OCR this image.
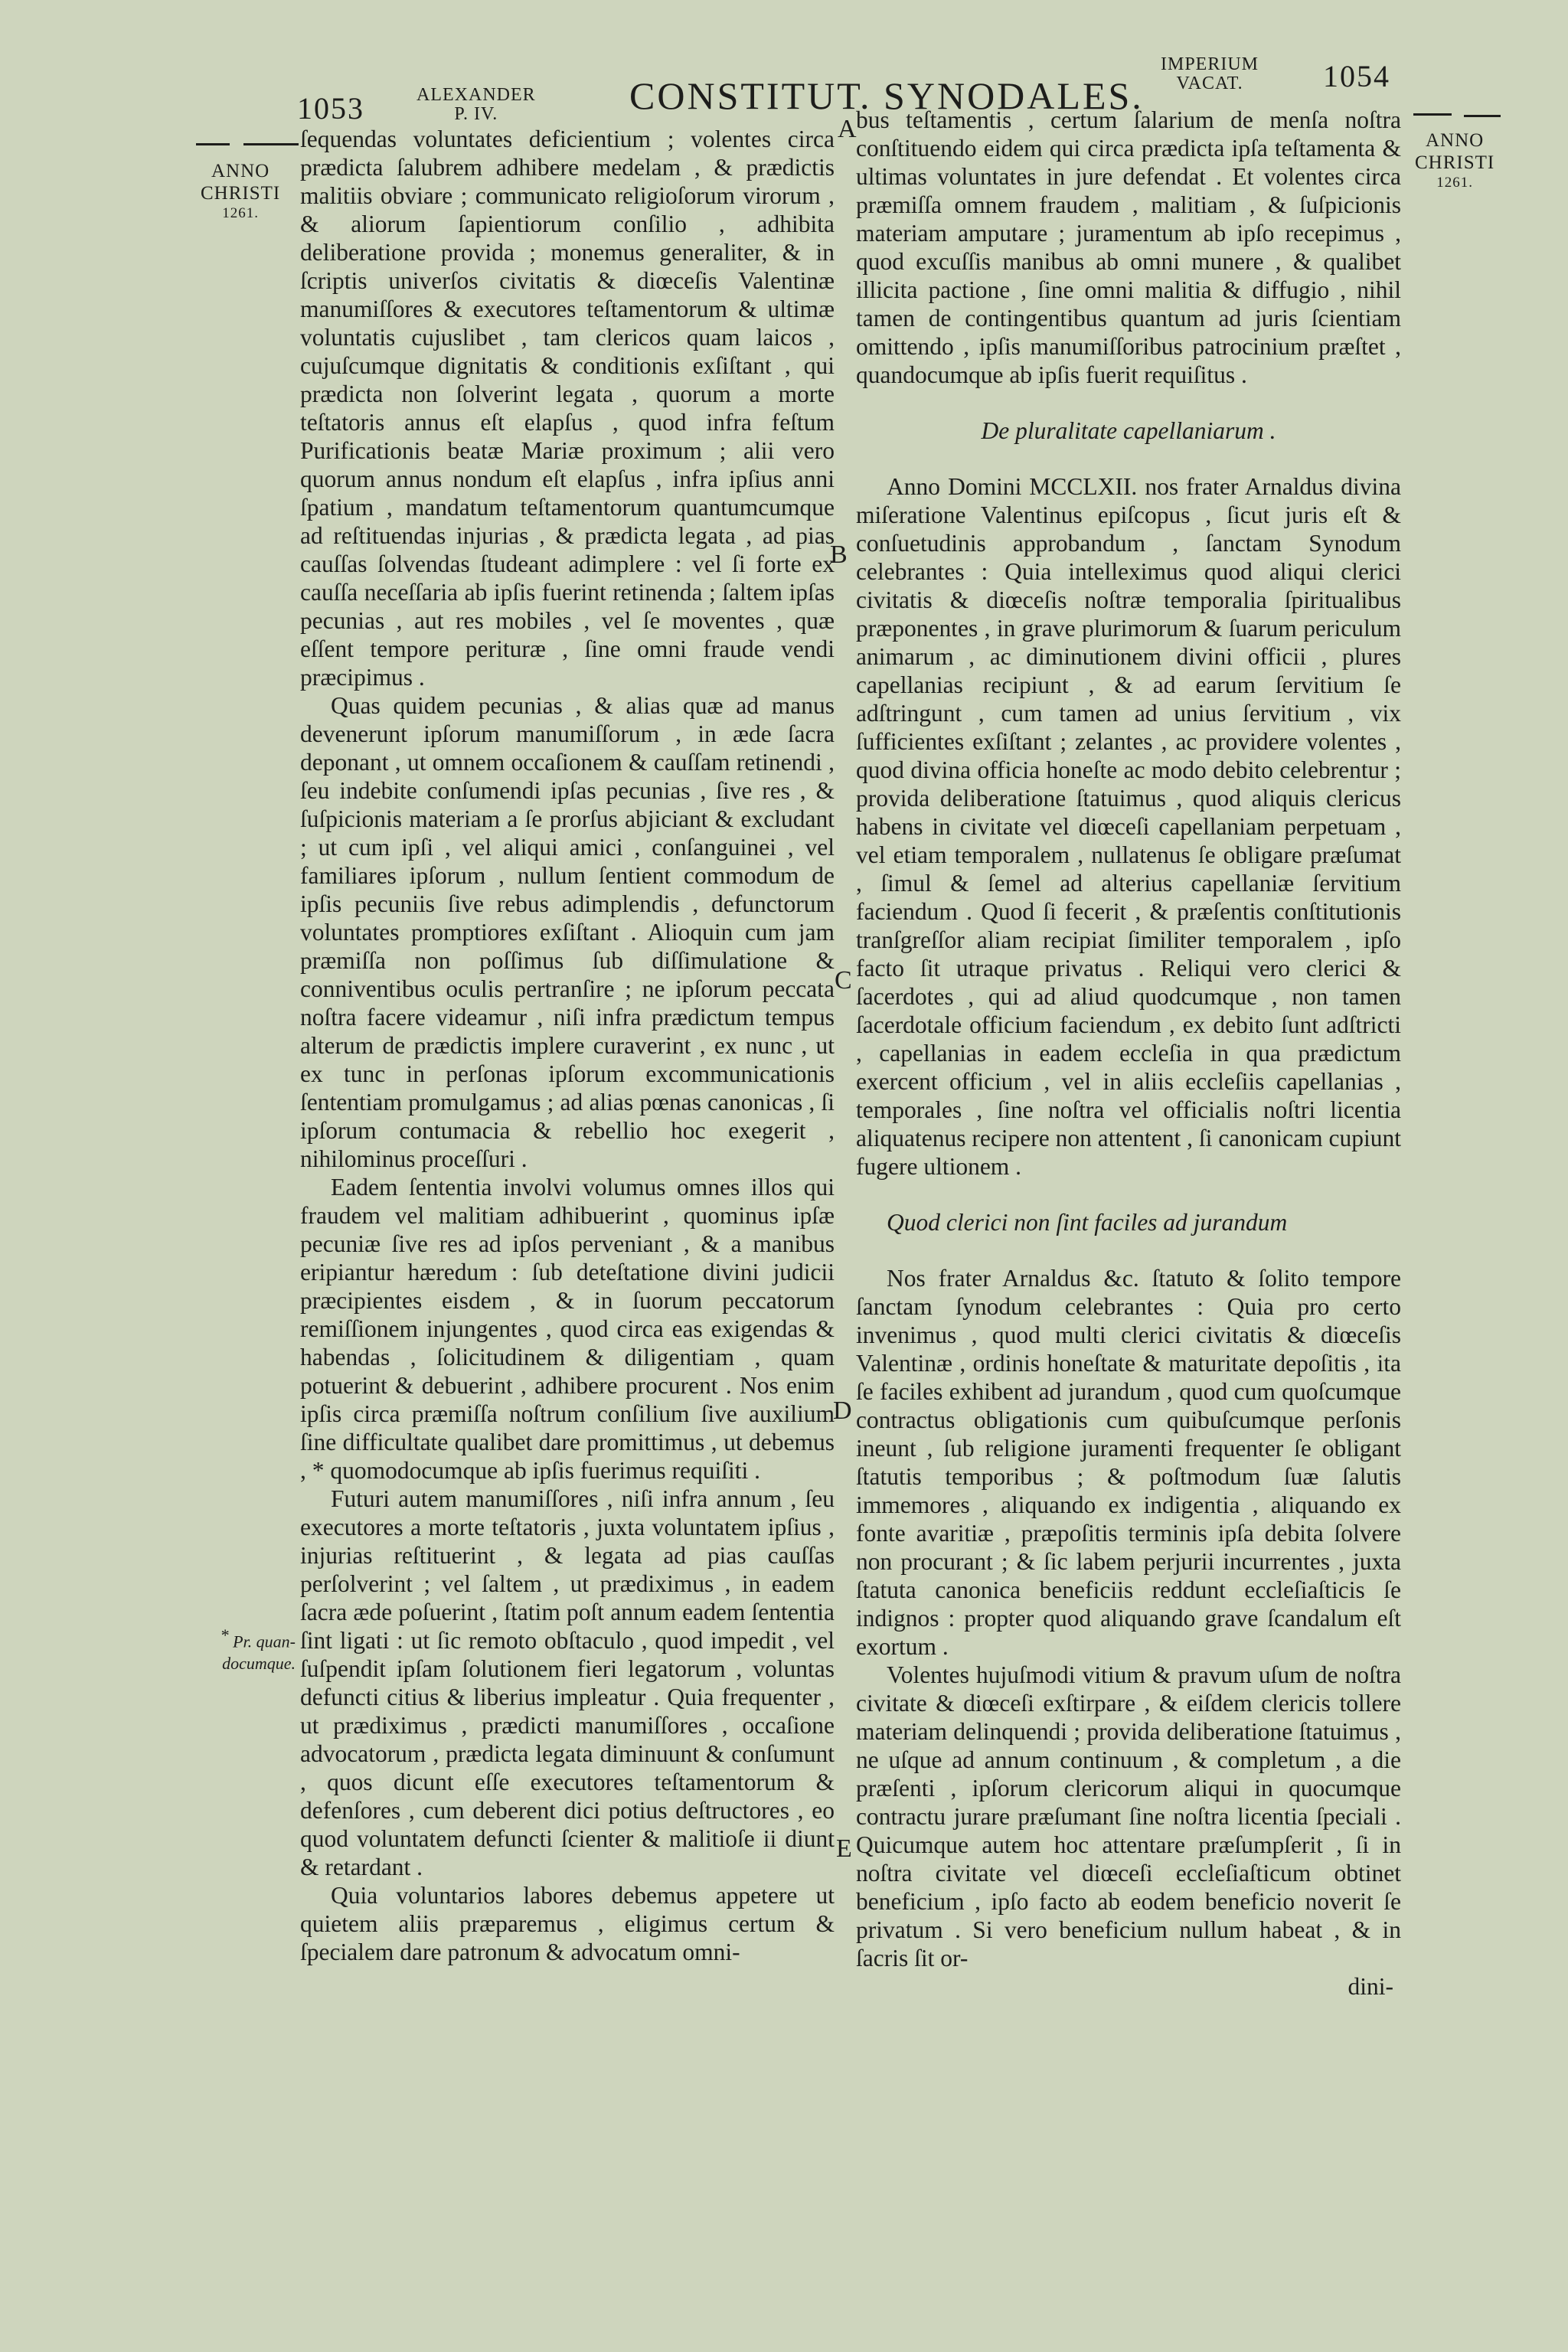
1053	ALEXANDER
P. IV.	CONSTITUT. SYNODALES.
IMPERIUM
VACAT.	1054
ANNO
CHRISTI
1261.
ANNO
CHRISTI
1261.
* Pr. quan-documque.
A
B
C
D
E

ſequendas voluntates deficientium ; volentes circa prædicta ſalubrem adhibere medelam , & prædictis malitiis obviare ; communicato religioſorum virorum , & aliorum ſapientiorum conſilio , adhibita deliberatione provida ; monemus generaliter, & in ſcriptis univerſos civitatis & diœceſis Valentinæ manumiſſores & executores teſtamentorum & ultimæ voluntatis cujuslibet , tam clericos quam laicos , cujuſcumque dignitatis & conditionis exſiſtant , qui prædicta non ſolverint legata , quorum a morte teſtatoris annus eſt elapſus , quod infra feſtum Purificationis beatæ Mariæ proximum ; alii vero quorum annus nondum eſt elapſus , infra ipſius anni ſpatium , mandatum teſtamentorum quantumcumque ad reſtituendas injurias , & prædicta legata , ad pias cauſſas ſolvendas ſtudeant adimplere : vel ſi forte ex cauſſa neceſſaria ab ipſis fuerint retinenda ; ſaltem ipſas pecunias , aut res mobiles , vel ſe moventes , quæ eſſent tempore perituræ , ſine omni fraude vendi præcipimus .

Quas quidem pecunias , & alias quæ ad manus devenerunt ipſorum manumiſſorum , in æde ſacra deponant , ut omnem occaſionem & cauſſam retinendi , ſeu indebite conſumendi ipſas pecunias , ſive res , & ſuſpicionis materiam a ſe prorſus abjiciant & excludant ; ut cum ipſi , vel aliqui amici , conſanguinei , vel familiares ipſorum , nullum ſentient commodum de ipſis pecuniis ſive rebus adimplendis , defunctorum voluntates promptiores exſiſtant . Alioquin cum jam præmiſſa non poſſimus ſub diſſimulatione & conniventibus oculis pertranſire ; ne ipſorum peccata noſtra facere videamur , niſi infra prædictum tempus alterum de prædictis implere curaverint , ex nunc , ut ex tunc in perſonas ipſorum excommunicationis ſententiam promulgamus ; ad alias pœnas canonicas , ſi ipſorum contumacia & rebellio hoc exegerit , nihilominus proceſſuri .

Eadem ſententia involvi volumus omnes illos qui fraudem vel malitiam adhibuerint , quominus ipſæ pecuniæ ſive res ad ipſos perveniant , & a manibus eripiantur hæredum : ſub deteſtatione divini judicii præcipientes eisdem , & in ſuorum peccatorum remiſſionem injungentes , quod circa eas exigendas & habendas , ſolicitudinem & diligentiam , quam potuerint & debuerint , adhibere procurent . Nos enim ipſis circa præmiſſa noſtrum conſilium ſive auxilium ſine difficultate qualibet dare promittimus , ut debemus , * quomodocumque ab ipſis fuerimus requiſiti .

Futuri autem manumiſſores , niſi infra annum , ſeu executores a morte teſtatoris , juxta voluntatem ipſius , injurias reſtituerint , & legata ad pias cauſſas perſolverint ; vel ſaltem , ut prædiximus , in eadem ſacra æde poſuerint , ſtatim poſt annum eadem ſententia ſint ligati : ut ſic remoto obſtaculo , quod impedit , vel ſuſpendit ipſam ſolutionem fieri legatorum , voluntas defuncti citius & liberius impleatur . Quia frequenter , ut prædiximus , prædicti manumiſſores , occaſione advocatorum , prædicta legata diminuunt & conſumunt , quos dicunt eſſe executores teſtamentorum & defenſores , cum deberent dici potius deſtructores , eo quod voluntatem defuncti ſcienter & malitioſe ii diunt & retardant .

Quia voluntarios labores debemus appetere ut quietem aliis præparemus , eligimus certum & ſpecialem dare patronum & advocatum omni-

bus teſtamentis , certum ſalarium de menſa noſtra conſtituendo eidem qui circa prædicta ipſa teſtamenta & ultimas voluntates in jure defendat . Et volentes circa præmiſſa omnem fraudem , malitiam , & ſuſpicionis materiam amputare ; juramentum ab ipſo recepimus , quod excuſſis manibus ab omni munere , & qualibet illicita pactione , ſine omni malitia & diffugio , nihil tamen de contingentibus quantum ad juris ſcientiam omittendo , ipſis manumiſſoribus patrocinium præſtet , quandocumque ab ipſis fuerit requiſitus .

De pluralitate capellaniarum .

Anno Domini MCCLXII. nos frater Arnaldus divina miſeratione Valentinus epiſcopus , ſicut juris eſt & conſuetudinis approbandum , ſanctam Synodum celebrantes : Quia intelleximus quod aliqui clerici civitatis & diœceſis noſtræ temporalia ſpiritualibus præponentes , in grave plurimorum & ſuarum periculum animarum , ac diminutionem divini officii , plures capellanias recipiunt , & ad earum ſervitium ſe adſtringunt , cum tamen ad unius ſervitium , vix ſufficientes exſiſtant ; zelantes , ac providere volentes , quod divina officia honeſte ac modo debito celebrentur ; provida deliberatione ſtatuimus , quod aliquis clericus habens in civitate vel diœceſi capellaniam perpetuam , vel etiam temporalem , nullatenus ſe obligare præſumat , ſimul & ſemel ad alterius capellaniæ ſervitium faciendum . Quod ſi fecerit , & præſentis conſtitutionis tranſgreſſor aliam recipiat ſimiliter temporalem , ipſo facto ſit utraque privatus . Reliqui vero clerici & ſacerdotes , qui ad aliud quodcumque , non tamen ſacerdotale officium faciendum , ex debito ſunt adſtricti , capellanias in eadem eccleſia in qua prædictum exercent officium , vel in aliis eccleſiis capellanias , temporales , ſine noſtra vel officialis noſtri licentia aliquatenus recipere non attentent , ſi canonicam cupiunt fugere ultionem .

Quod clerici non ſint faciles ad jurandum

Nos frater Arnaldus &c. ſtatuto & ſolito tempore ſanctam ſynodum celebrantes : Quia pro certo invenimus , quod multi clerici civitatis & diœceſis Valentinæ , ordinis honeſtate & maturitate depoſitis , ita ſe faciles exhibent ad jurandum , quod cum quoſcumque contractus obligationis cum quibuſcumque perſonis ineunt , ſub religione juramenti frequenter ſe obligant ſtatutis temporibus ; & poſtmodum ſuæ ſalutis immemores , aliquando ex indigentia , aliquando ex fonte avaritiæ , præpoſitis terminis ipſa debita ſolvere non procurant ; & ſic labem perjurii incurrentes , juxta ſtatuta canonica beneficiis reddunt eccleſiaſticis ſe indignos : propter quod aliquando grave ſcandalum eſt exortum .

Volentes hujuſmodi vitium & pravum uſum de noſtra civitate & diœceſi exſtirpare , & eiſdem clericis tollere materiam delinquendi ; provida deliberatione ſtatuimus , ne uſque ad annum continuum , & completum , a die præſenti , ipſorum clericorum aliqui in quocumque contractu jurare præſumant ſine noſtra licentia ſpeciali . Quicumque autem hoc attentare præſumpſerit , ſi in noſtra civitate vel diœceſi eccleſiaſticum obtinet beneficium , ipſo facto ab eodem beneficio noverit ſe privatum . Si vero beneficium nullum habeat , & in ſacris ſit or-

dini-
